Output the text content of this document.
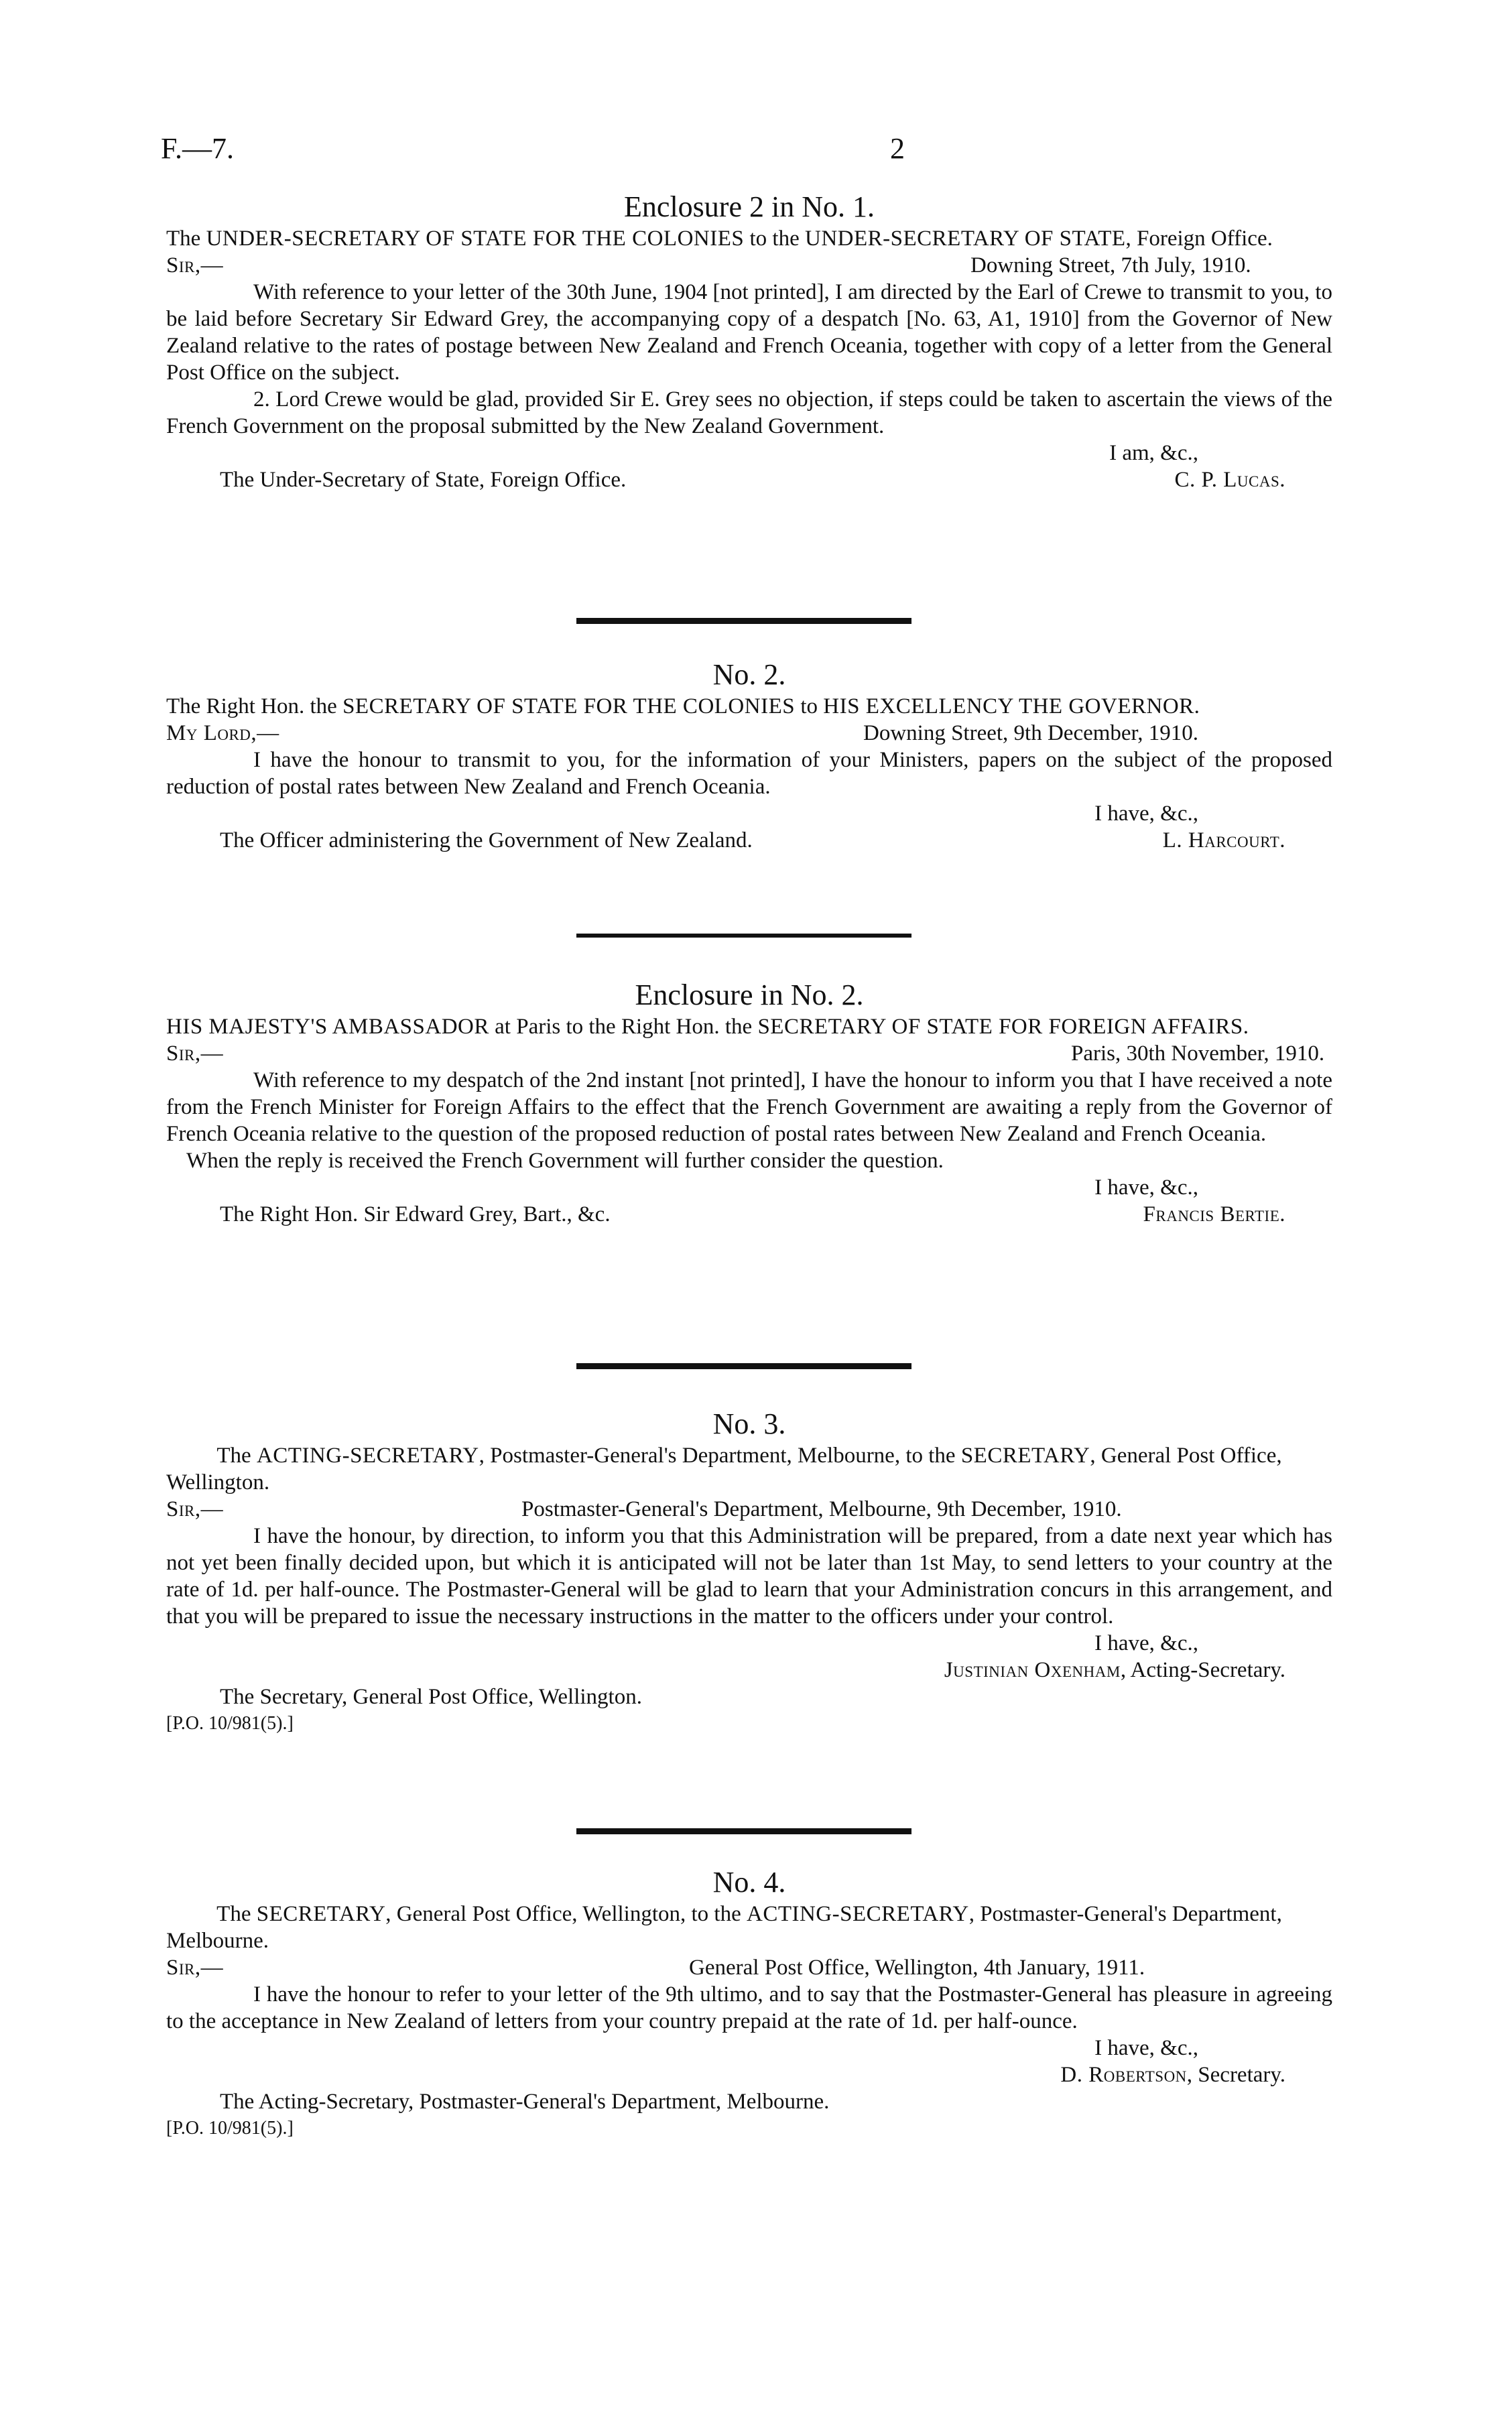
F.—7.	2
Enclosure 2 in No. 1.
The UNDER-SECRETARY OF STATE FOR THE COLONIES to the UNDER-SECRETARY OF STATE, Foreign Office.
Sir,—	Downing Street, 7th July, 1910.
With reference to your letter of the 30th June, 1904 [not printed], I am directed by the Earl of Crewe to transmit to you, to be laid before Secretary Sir Edward Grey, the accompanying copy of a despatch [No. 63, A1, 1910] from the Governor of New Zealand relative to the rates of postage between New Zealand and French Oceania, together with copy of a letter from the General Post Office on the subject.
2. Lord Crewe would be glad, provided Sir E. Grey sees no objection, if steps could be taken to ascertain the views of the French Government on the proposal submitted by the New Zealand Government.
I am, &c.,
The Under-Secretary of State, Foreign Office.	C. P. Lucas.
No. 2.
The Right Hon. the SECRETARY OF STATE FOR THE COLONIES to HIS EXCELLENCY THE GOVERNOR.
My Lord,—	Downing Street, 9th December, 1910.
I have the honour to transmit to you, for the information of your Ministers, papers on the subject of the proposed reduction of postal rates between New Zealand and French Oceania.
I have, &c.,
The Officer administering the Government of New Zealand.	L. Harcourt.
Enclosure in No. 2.
HIS MAJESTY'S AMBASSADOR at Paris to the Right Hon. the SECRETARY OF STATE FOR FOREIGN AFFAIRS.
Sir,—	Paris, 30th November, 1910.
With reference to my despatch of the 2nd instant [not printed], I have the honour to inform you that I have received a note from the French Minister for Foreign Affairs to the effect that the French Government are awaiting a reply from the Governor of French Oceania relative to the question of the proposed reduction of postal rates between New Zealand and French Oceania.
When the reply is received the French Government will further consider the question.
I have, &c.,
The Right Hon. Sir Edward Grey, Bart., &c.	Francis Bertie.
No. 3.
The ACTING-SECRETARY, Postmaster-General's Department, Melbourne, to the SECRETARY, General Post Office, Wellington.
Sir,—	Postmaster-General's Department, Melbourne, 9th December, 1910.
I have the honour, by direction, to inform you that this Administration will be prepared, from a date next year which has not yet been finally decided upon, but which it is anticipated will not be later than 1st May, to send letters to your country at the rate of 1d. per half-ounce. The Postmaster-General will be glad to learn that your Administration concurs in this arrangement, and that you will be prepared to issue the necessary instructions in the matter to the officers under your control.
I have, &c.,
Justinian Oxenham, Acting-Secretary.
The Secretary, General Post Office, Wellington.
[P.O. 10/981(5).]
No. 4.
The SECRETARY, General Post Office, Wellington, to the ACTING-SECRETARY, Postmaster-General's Department, Melbourne.
Sir,—	General Post Office, Wellington, 4th January, 1911.
I have the honour to refer to your letter of the 9th ultimo, and to say that the Postmaster-General has pleasure in agreeing to the acceptance in New Zealand of letters from your country prepaid at the rate of 1d. per half-ounce.
I have, &c.,
D. Robertson, Secretary.
The Acting-Secretary, Postmaster-General's Department, Melbourne.
[P.O. 10/981(5).]
